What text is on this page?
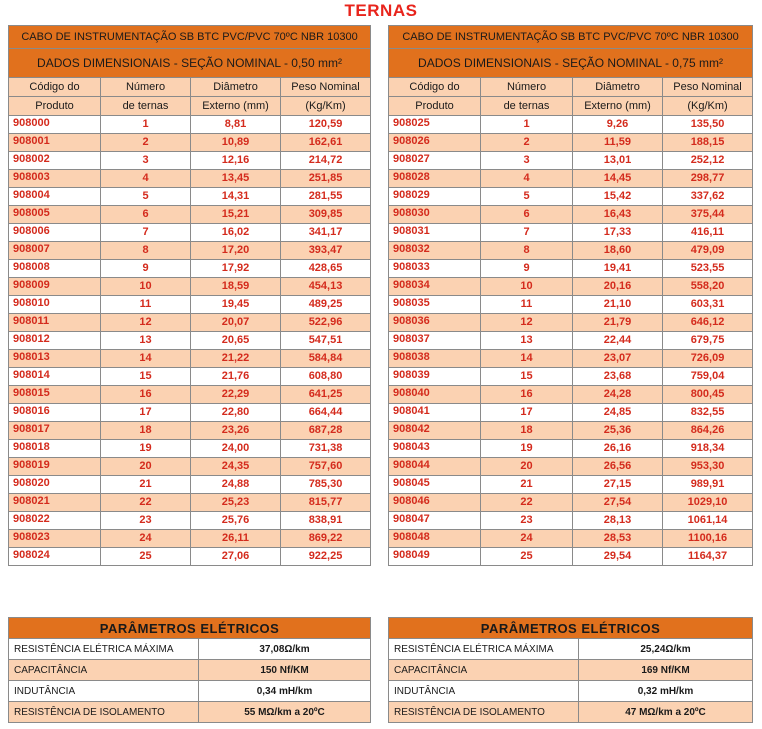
TERNAS
CABO DE INSTRUMENTAÇÃO SB BTC PVC/PVC 70ºC NBR 10300			
DADOS DIMENSIONAIS - SEÇÃO NOMINAL - 0,50 mm²			
Código do	Número	Diâmetro	Peso Nominal
Produto	de ternas	Externo (mm)	(Kg/Km)
908000	1	8,81	120,59
908001	2	10,89	162,61
908002	3	12,16	214,72
908003	4	13,45	251,85
908004	5	14,31	281,55
908005	6	15,21	309,85
908006	7	16,02	341,17
908007	8	17,20	393,47
908008	9	17,92	428,65
908009	10	18,59	454,13
908010	11	19,45	489,25
908011	12	20,07	522,96
908012	13	20,65	547,51
908013	14	21,22	584,84
908014	15	21,76	608,80
908015	16	22,29	641,25
908016	17	22,80	664,44
908017	18	23,26	687,28
908018	19	24,00	731,38
908019	20	24,35	757,60
908020	21	24,88	785,30
908021	22	25,23	815,77
908022	23	25,76	838,91
908023	24	26,11	869,22
908024	25	27,06	922,25
CABO DE INSTRUMENTAÇÃO SB BTC PVC/PVC 70ºC NBR 10300			
DADOS DIMENSIONAIS - SEÇÃO NOMINAL - 0,75 mm²			
Código do	Número	Diâmetro	Peso Nominal
Produto	de ternas	Externo (mm)	(Kg/Km)
908025	1	9,26	135,50
908026	2	11,59	188,15
908027	3	13,01	252,12
908028	4	14,45	298,77
908029	5	15,42	337,62
908030	6	16,43	375,44
908031	7	17,33	416,11
908032	8	18,60	479,09
908033	9	19,41	523,55
908034	10	20,16	558,20
908035	11	21,10	603,31
908036	12	21,79	646,12
908037	13	22,44	679,75
908038	14	23,07	726,09
908039	15	23,68	759,04
908040	16	24,28	800,45
908041	17	24,85	832,55
908042	18	25,36	864,26
908043	19	26,16	918,34
908044	20	26,56	953,30
908045	21	27,15	989,91
908046	22	27,54	1029,10
908047	23	28,13	1061,14
908048	24	28,53	1100,16
908049	25	29,54	1164,37
PARÂMETROS ELÉTRICOS	
RESISTÊNCIA ELÉTRICA MÁXIMA	37,08Ω/km
CAPACITÂNCIA	150 Nf/KM
INDUTÂNCIA	0,34 mH/km
RESISTÊNCIA DE ISOLAMENTO	55 MΩ/km a 20ºC
PARÂMETROS ELÉTRICOS	
RESISTÊNCIA ELÉTRICA MÁXIMA	25,24Ω/km
CAPACITÂNCIA	169 Nf/KM
INDUTÂNCIA	0,32 mH/km
RESISTÊNCIA DE ISOLAMENTO	47 MΩ/km a 20ºC
